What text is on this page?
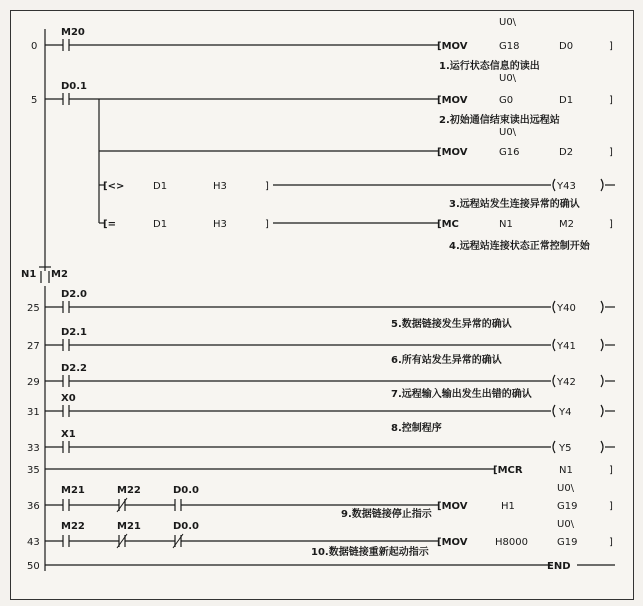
0
M20
[MOV
U0\
G18	D0	]
1.运行状态信息的读出
5
D0.1
[MOV
U0\
G0	D1	]
2.初始通信结束读出远程站
[MOV
U0\
G16	D2	]
[<>	D1	H3	]	Y43
3.远程站发生连接异常的确认
[=	D1	H3	]	[MC	N1	M2	]
4.远程站连接状态正常控制开始
N1 M2
25
D2.0
Y40
5.数据链接发生异常的确认
27
D2.1
Y41
6.所有站发生异常的确认
29
D2.2
Y42
7.远程输入输出发生出错的确认
31
X0
Y4
8.控制程序
33
X1
Y5
35	[MCR	N1	]
36
M21	M22	D0.0
[MOV	H1
U0\
G19	]
9.数据链接停止指示
43
M22	M21	D0.0
[MOV	H8000
U0\
G19	]
10.数据链接重新起动指示
50	END
